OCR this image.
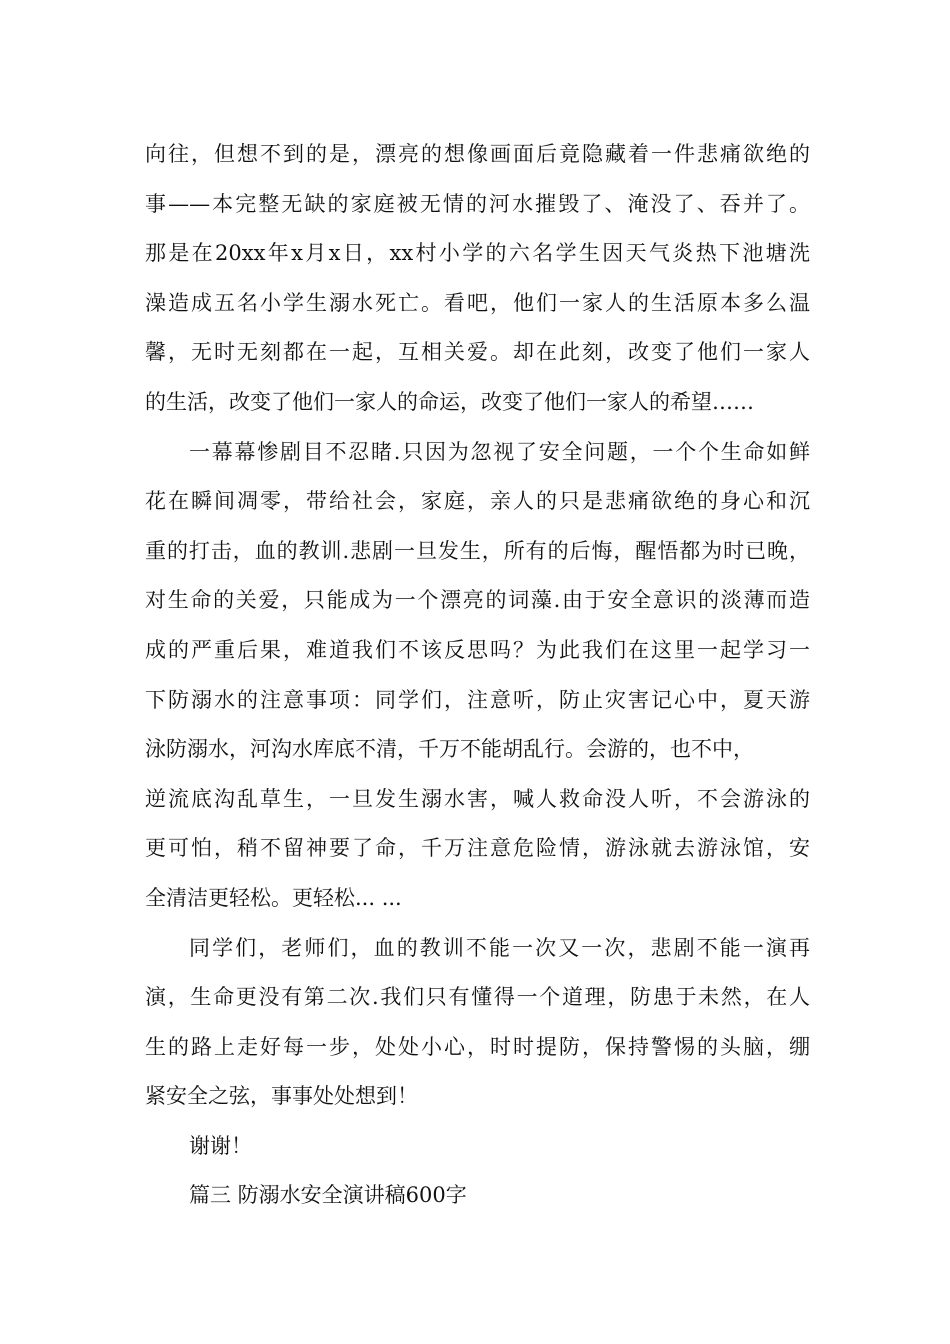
向往，但想不到的是，漂亮的想像画面后竟隐藏着一件悲痛欲绝的
事——本完整无缺的家庭被无情的河水摧毁了、淹没了、吞并了。
那是在20xx年x月x日，xx村小学的六名学生因天气炎热下池塘洗
澡造成五名小学生溺水死亡。看吧，他们一家人的生活原本多么温
馨，无时无刻都在一起，互相关爱。却在此刻，改变了他们一家人
的生活，改变了他们一家人的命运，改变了他们一家人的希望……
一幕幕惨剧目不忍睹.只因为忽视了安全问题，一个个生命如鲜
花在瞬间凋零，带给社会，家庭，亲人的只是悲痛欲绝的身心和沉
重的打击，血的教训.悲剧一旦发生，所有的后悔，醒悟都为时已晚，
对生命的关爱，只能成为一个漂亮的词藻.由于安全意识的淡薄而造
成的严重后果，难道我们不该反思吗？为此我们在这里一起学习一
下防溺水的注意事项：同学们，注意听，防止灾害记心中，夏天游
泳防溺水，河沟水库底不清，千万不能胡乱行。会游的，也不中，
逆流底沟乱草生，一旦发生溺水害，喊人救命没人听，不会游泳的
更可怕，稍不留神要了命，千万注意危险情，游泳就去游泳馆，安
全清洁更轻松。更轻松... ...
同学们，老师们，血的教训不能一次又一次，悲剧不能一演再
演，生命更没有第二次.我们只有懂得一个道理，防患于未然，在人
生的路上走好每一步，处处小心，时时提防，保持警惕的头脑，绷
紧安全之弦，事事处处想到！
谢谢！
篇三 防溺水安全演讲稿600字
